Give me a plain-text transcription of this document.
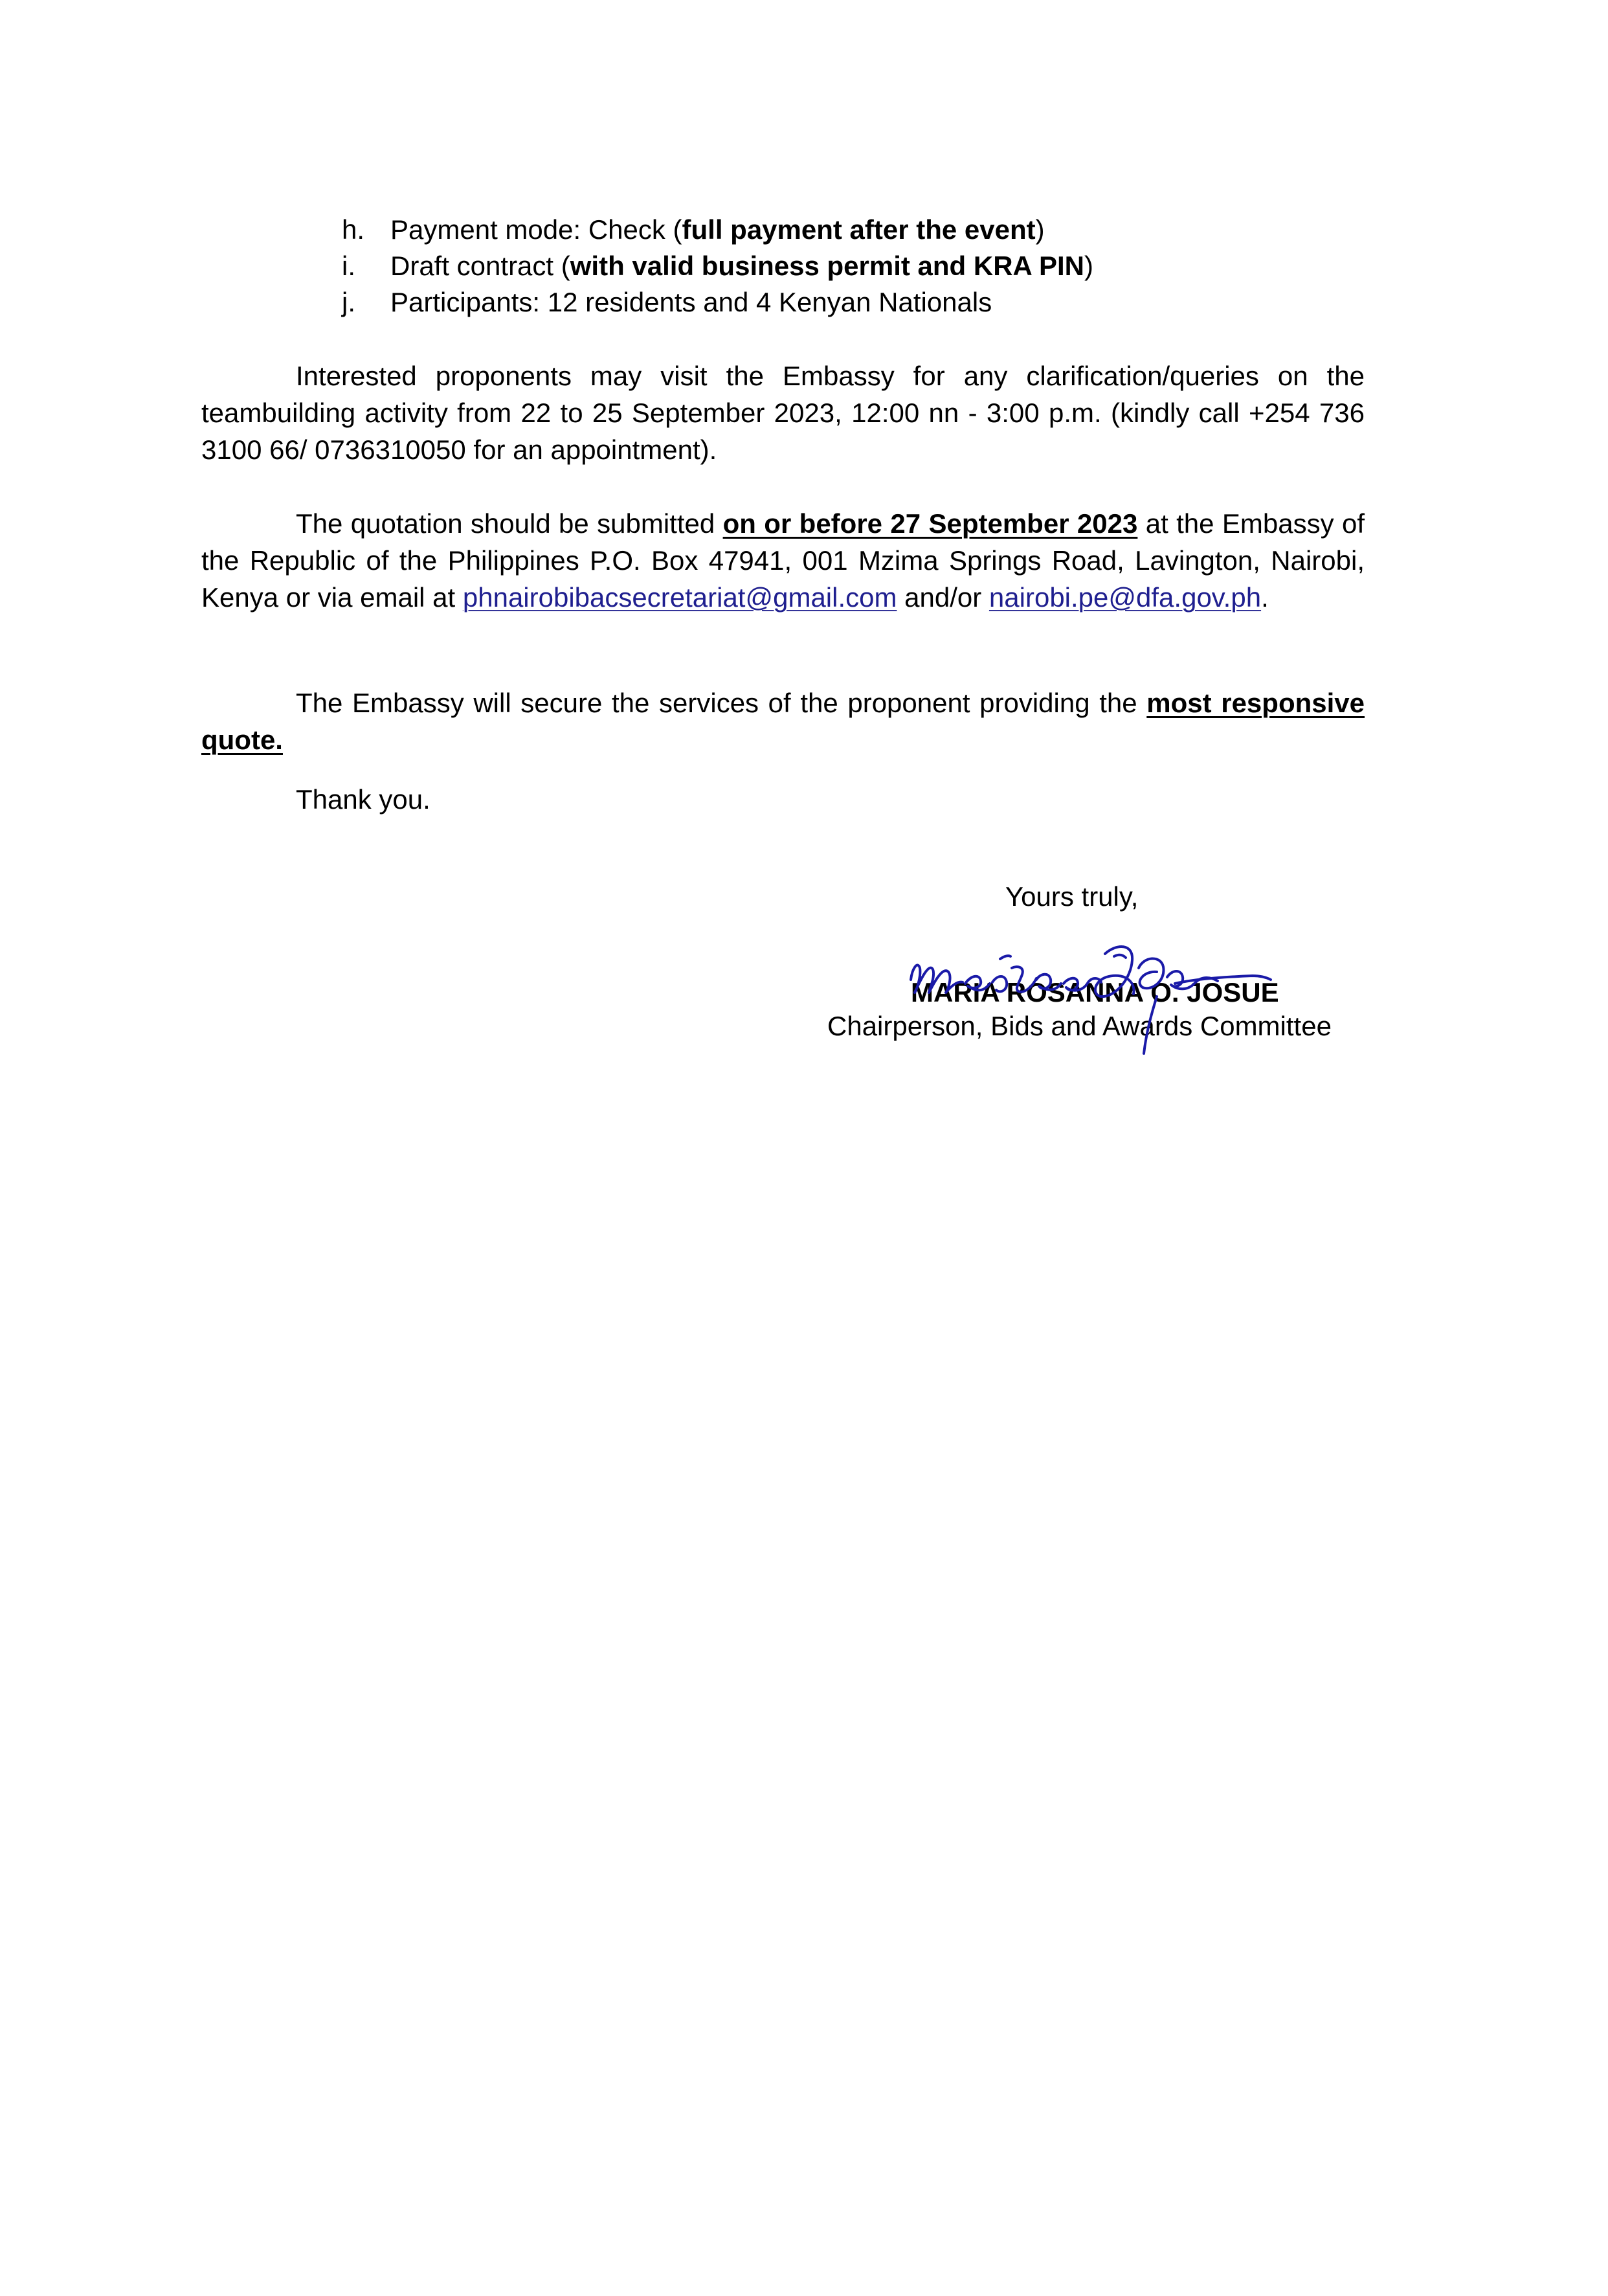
h. Payment mode: Check (full payment after the event)
i. Draft contract (with valid business permit and KRA PIN)
j. Participants: 12 residents and 4 Kenyan Nationals

Interested proponents may visit the Embassy for any clarification/queries on the teambuilding activity from 22 to 25 September 2023, 12:00 nn - 3:00 p.m. (kindly call +254 736 3100 66/ 0736310050 for an appointment).

The quotation should be submitted on or before 27 September 2023 at the Embassy of the Republic of the Philippines P.O. Box 47941, 001 Mzima Springs Road, Lavington, Nairobi, Kenya or via email at phnairobibacsecretariat@gmail.com and/or nairobi.pe@dfa.gov.ph.

The Embassy will secure the services of the proponent providing the most responsive quote.

Thank you.

Yours truly,
MARIA ROSANNA O. JOSUE
Chairperson, Bids and Awards Committee
